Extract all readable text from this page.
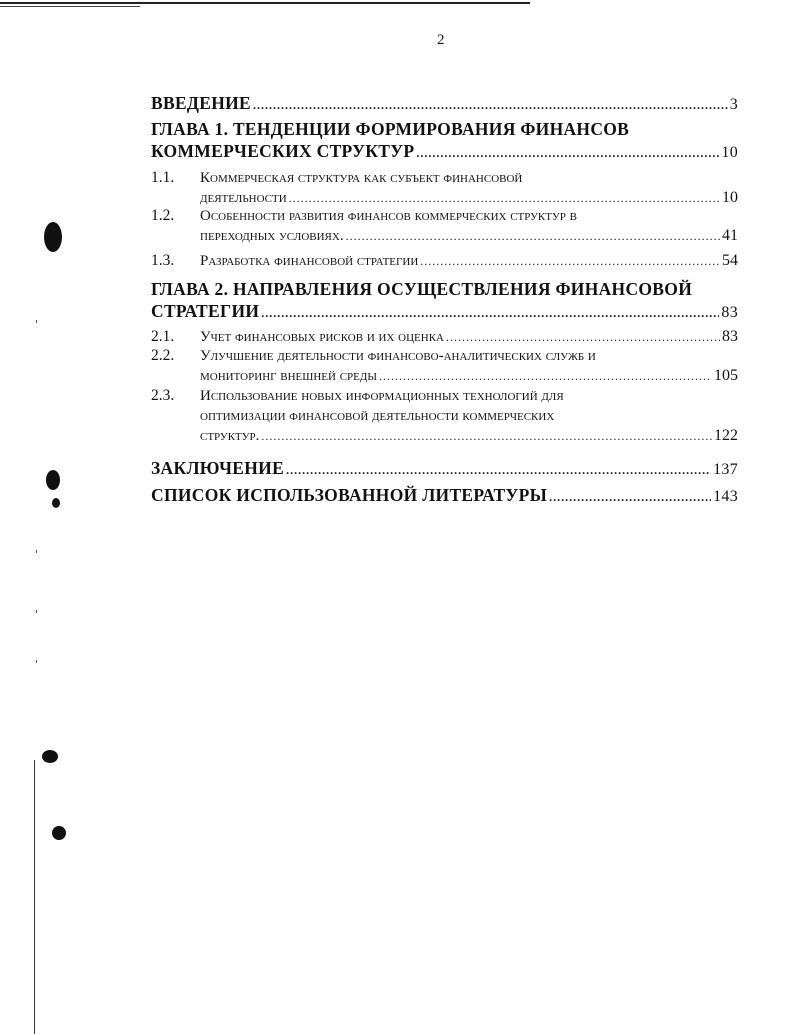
2
ВВЕДЕНИЕ .....	3
ГЛАВА 1. ТЕНДЕНЦИИ ФОРМИРОВАНИЯ ФИНАНСОВ
КОММЕРЧЕСКИХ СТРУКТУР .....	10
1.1.	Коммерческая структура как субъект финансовой
деятельности .....	10
1.2.	Особенности развития финансов коммерческих структур в
переходных условиях. .....	41
1.3.	Разработка финансовой стратегии .....	54
ГЛАВА 2. НАПРАВЛЕНИЯ ОСУЩЕСТВЛЕНИЯ ФИНАНСОВОЙ
СТРАТЕГИИ .....	83
2.1.	Учет финансовых рисков и их оценка .....	83
2.2.	Улучшение деятельности финансово-аналитических служб и
мониторинг внешней среды .....	105
2.3.	Использование новых информационных технологий для
оптимизации финансовой деятельности коммерческих
структур. .....	122
ЗАКЛЮЧЕНИЕ .....	137
СПИСОК ИСПОЛЬЗОВАННОЙ ЛИТЕРАТУРЫ .....	143
